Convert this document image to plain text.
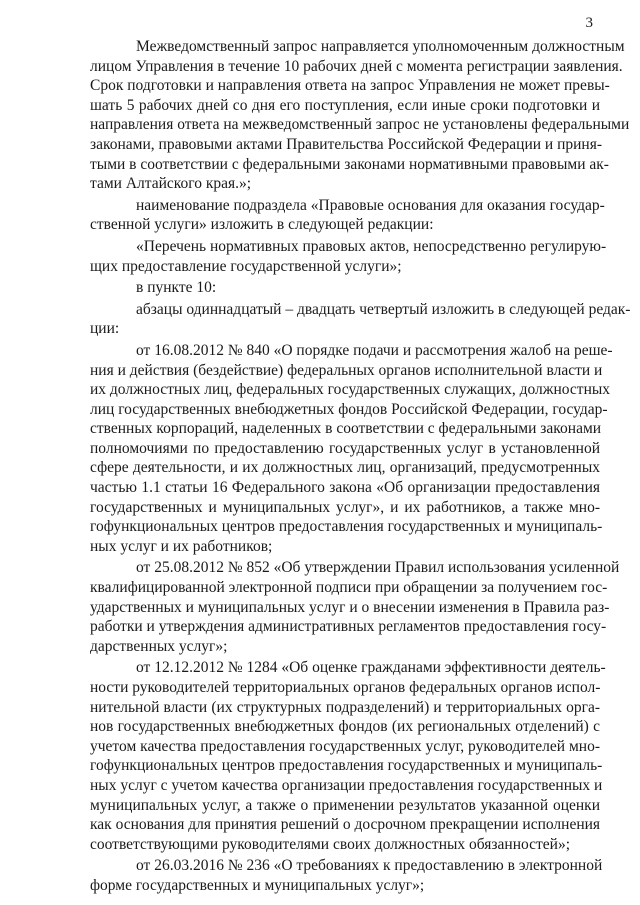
3
Межведомственный запрос направляется уполномоченным должностным
лицом Управления в течение 10 рабочих дней с момента регистрации заявления.
Срок подготовки и направления ответа на запрос Управления не может превы-
шать 5 рабочих дней со дня его поступления, если иные сроки подготовки и
направления ответа на межведомственный запрос не установлены федеральными
законами, правовыми актами Правительства Российской Федерации и приня-
тыми в соответствии с федеральными законами нормативными правовыми ак-
тами Алтайского края.»;
наименование подраздела «Правовые основания для оказания государ-
ственной услуги» изложить в следующей редакции:
«Перечень нормативных правовых актов, непосредственно регулирую-
щих предоставление государственной услуги»;
в пункте 10:
абзацы одиннадцатый – двадцать четвертый изложить в следующей редак-
ции:
от 16.08.2012 № 840 «О порядке подачи и рассмотрения жалоб на реше-
ния и действия (бездействие) федеральных органов исполнительной власти и
их должностных лиц, федеральных государственных служащих, должностных
лиц государственных внебюджетных фондов Российской Федерации, государ-
ственных корпораций, наделенных в соответствии с федеральными законами
полномочиями по предоставлению государственных услуг в установленной
сфере деятельности, и их должностных лиц, организаций, предусмотренных
частью 1.1 статьи 16 Федерального закона «Об организации предоставления
государственных и муниципальных услуг», и их работников, а также мно-
гофункциональных центров предоставления государственных и муниципаль-
ных услуг и их работников;
от 25.08.2012 № 852 «Об утверждении Правил использования усиленной
квалифицированной электронной подписи при обращении за получением гос-
ударственных и муниципальных услуг и о внесении изменения в Правила раз-
работки и утверждения административных регламентов предоставления госу-
дарственных услуг»;
от 12.12.2012 № 1284 «Об оценке гражданами эффективности деятель-
ности руководителей территориальных органов федеральных органов испол-
нительной власти (их структурных подразделений) и территориальных орга-
нов государственных внебюджетных фондов (их региональных отделений) с
учетом качества предоставления государственных услуг, руководителей мно-
гофункциональных центров предоставления государственных и муниципаль-
ных услуг с учетом качества организации предоставления государственных и
муниципальных услуг, а также о применении результатов указанной оценки
как основания для принятия решений о досрочном прекращении исполнения
соответствующими руководителями своих должностных обязанностей»;
от 26.03.2016 № 236 «О требованиях к предоставлению в электронной
форме государственных и муниципальных услуг»;
